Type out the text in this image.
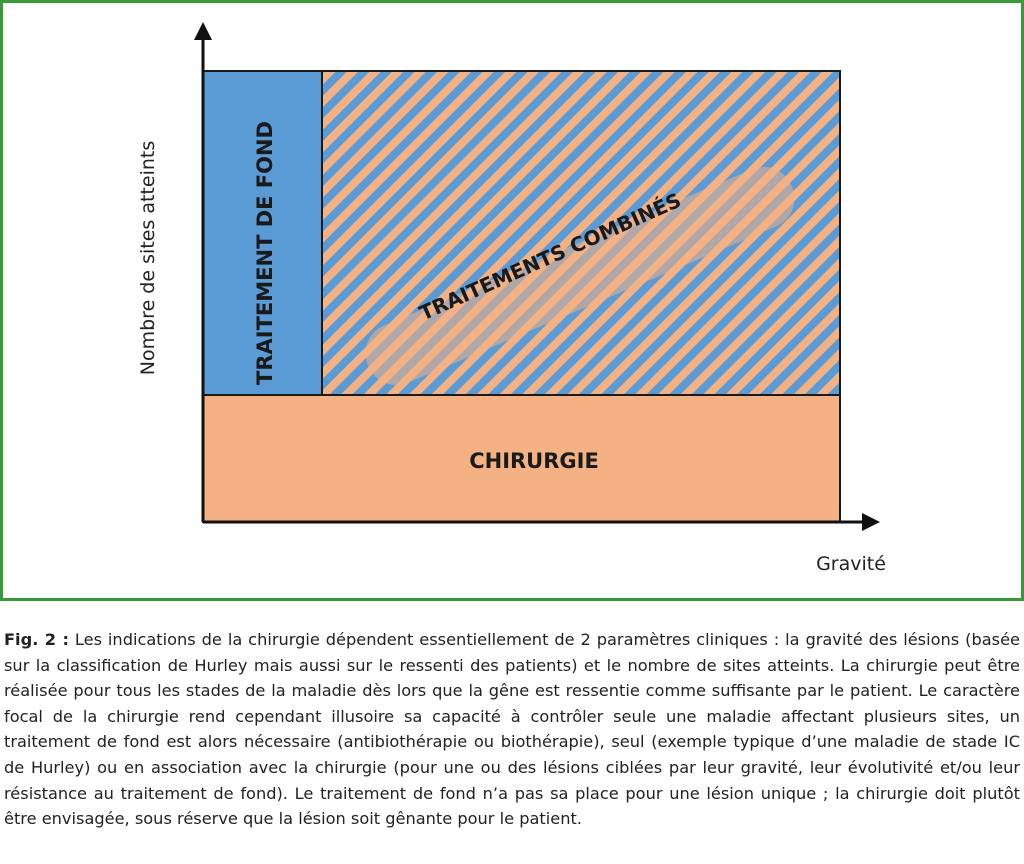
TRAITEMENT DE FOND	TRAITEMENTS COMBINÉS
CHIRURGIE
Nombre de sites atteints
Gravité
Fig. 2 : Les indications de la chirurgie dépendent essentiellement de 2 paramètres cliniques : la gravité des lésions (basée sur la classification de Hurley mais aussi sur le ressenti des patients) et le nombre de sites atteints. La chirurgie peut être réalisée pour tous les stades de la maladie dès lors que la gêne est ressentie comme suffisante par le patient. Le caractère focal de la chirurgie rend cependant illusoire sa capacité à contrôler seule une maladie affectant plusieurs sites, un traitement de fond est alors nécessaire (antibiothérapie ou biothérapie), seul (exemple typique d’une maladie de stade IC de Hurley) ou en association avec la chirurgie (pour une ou des lésions ciblées par leur gravité, leur évolutivité et/ou leur résistance au traitement de fond). Le traitement de fond n’a pas sa place pour une lésion unique ; la chirurgie doit plutôt être envisagée, sous réserve que la lésion soit gênante pour le patient.
